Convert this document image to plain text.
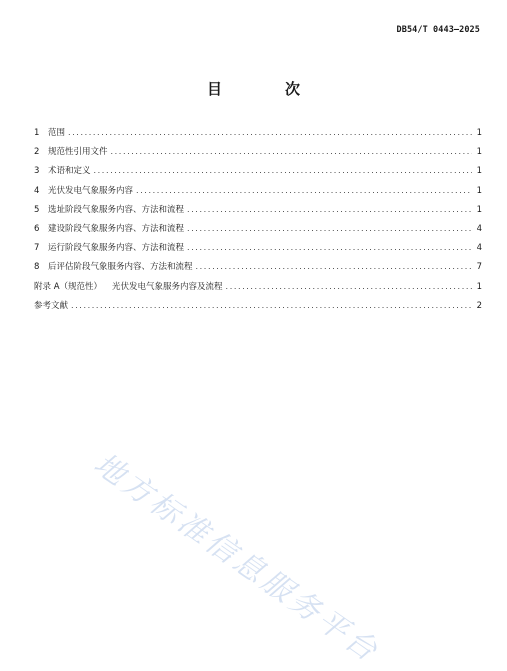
DB54/T 0443—2025
目　次
1	范围 .....	1
2	规范性引用文件 .....	1
3	术语和定义 .....	1
4	光伏发电气象服务内容 .....	1
5	选址阶段气象服务内容、方法和流程 .....	1
6	建设阶段气象服务内容、方法和流程 .....	4
7	运行阶段气象服务内容、方法和流程 .....	4
8	后评估阶段气象服务内容、方法和流程 .....	7
附录 A（规范性）	光伏发电气象服务内容及流程 .....	1
参考文献 .....	2
地方标准信息服务平台
